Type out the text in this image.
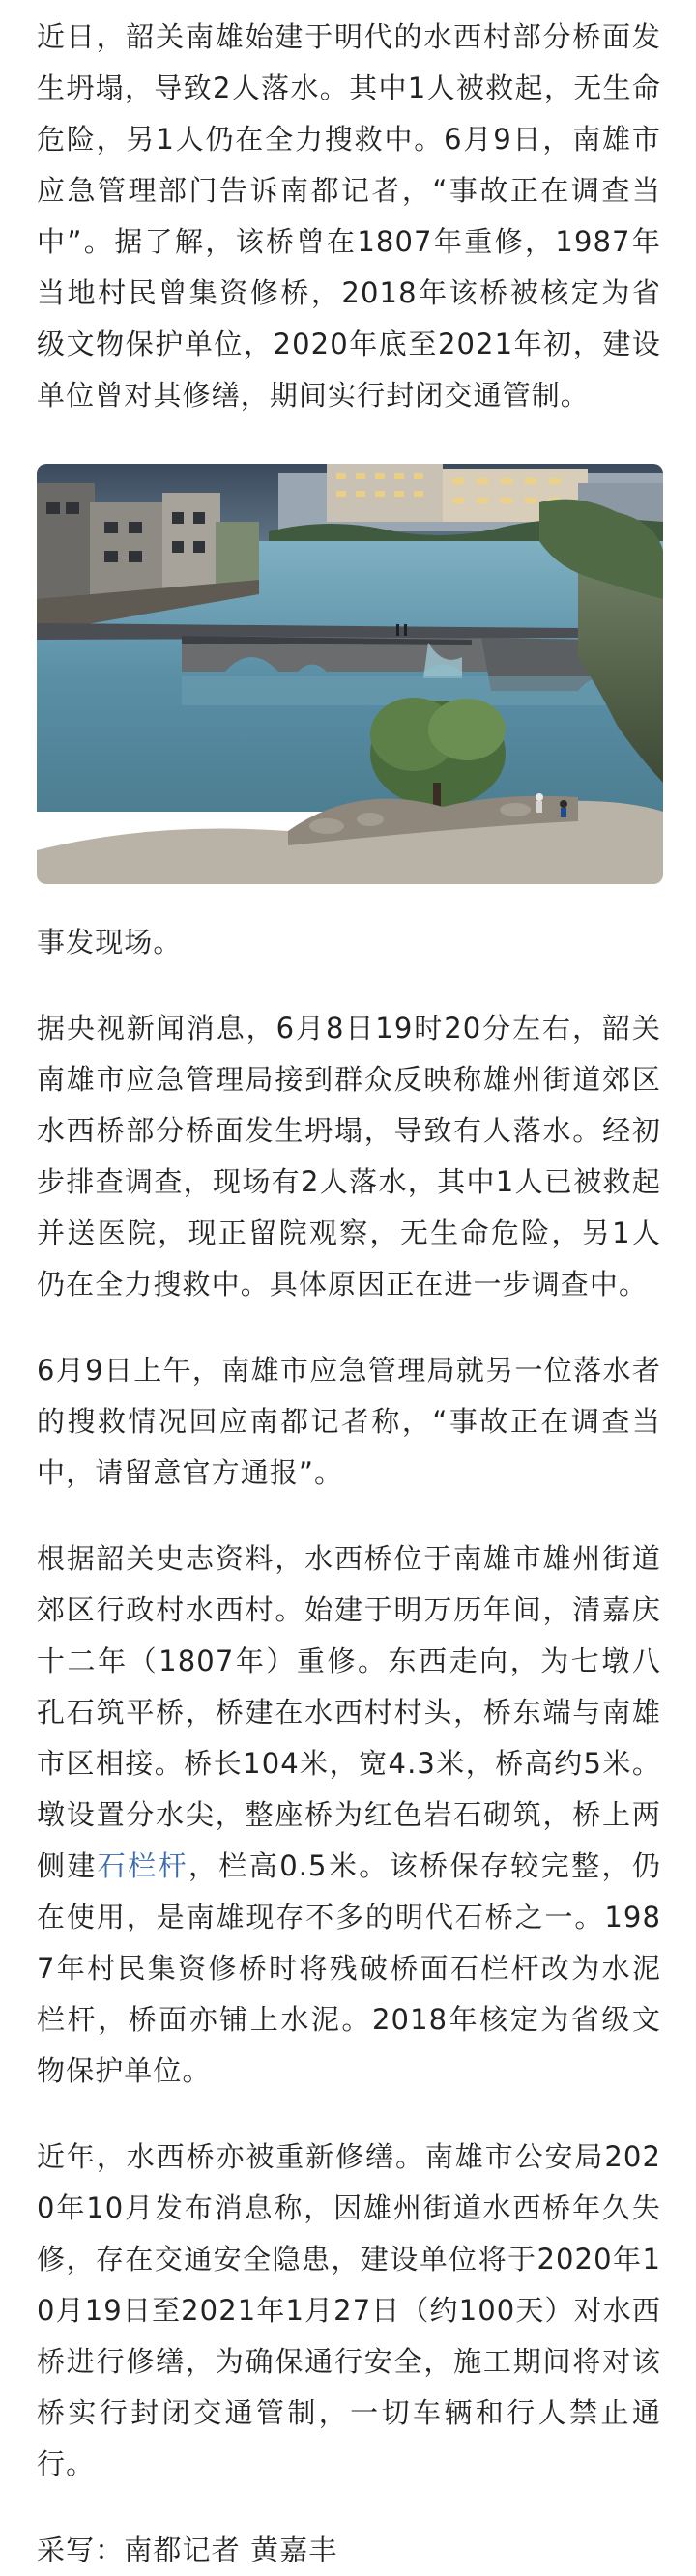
近日，韶关南雄始建于明代的水西村部分桥面发生坍塌，导致2人落水。其中1人被救起，无生命危险，另1人仍在全力搜救中。6月9日，南雄市应急管理部门告诉南都记者，“事故正在调查当中”。据了解，该桥曾在1807年重修，1987年当地村民曾集资修桥，2018年该桥被核定为省级文物保护单位，2020年底至2021年初，建设单位曾对其修缮，期间实行封闭交通管制。

事发现场。

据央视新闻消息，6月8日19时20分左右，韶关南雄市应急管理局接到群众反映称雄州街道郊区水西桥部分桥面发生坍塌，导致有人落水。经初步排查调查，现场有2人落水，其中1人已被救起并送医院，现正留院观察，无生命危险，另1人仍在全力搜救中。具体原因正在进一步调查中。

6月9日上午，南雄市应急管理局就另一位落水者的搜救情况回应南都记者称，“事故正在调查当中，请留意官方通报”。

根据韶关史志资料，水西桥位于南雄市雄州街道郊区行政村水西村。始建于明万历年间，清嘉庆十二年（1807年）重修。东西走向，为七墩八孔石筑平桥，桥建在水西村村头，桥东端与南雄市区相接。桥长104米，宽4.3米，桥高约5米。墩设置分水尖，整座桥为红色岩石砌筑，桥上两侧建石栏杆，栏高0.5米。该桥保存较完整，仍在使用，是南雄现存不多的明代石桥之一。1987年村民集资修桥时将残破桥面石栏杆改为水泥栏杆，桥面亦铺上水泥。2018年核定为省级文物保护单位。

近年，水西桥亦被重新修缮。南雄市公安局2020年10月发布消息称，因雄州街道水西桥年久失修，存在交通安全隐患，建设单位将于2020年10月19日至2021年1月27日（约100天）对水西桥进行修缮，为确保通行安全，施工期间将对该桥实行封闭交通管制，一切车辆和行人禁止通行。

采写：南都记者 黄嘉丰
